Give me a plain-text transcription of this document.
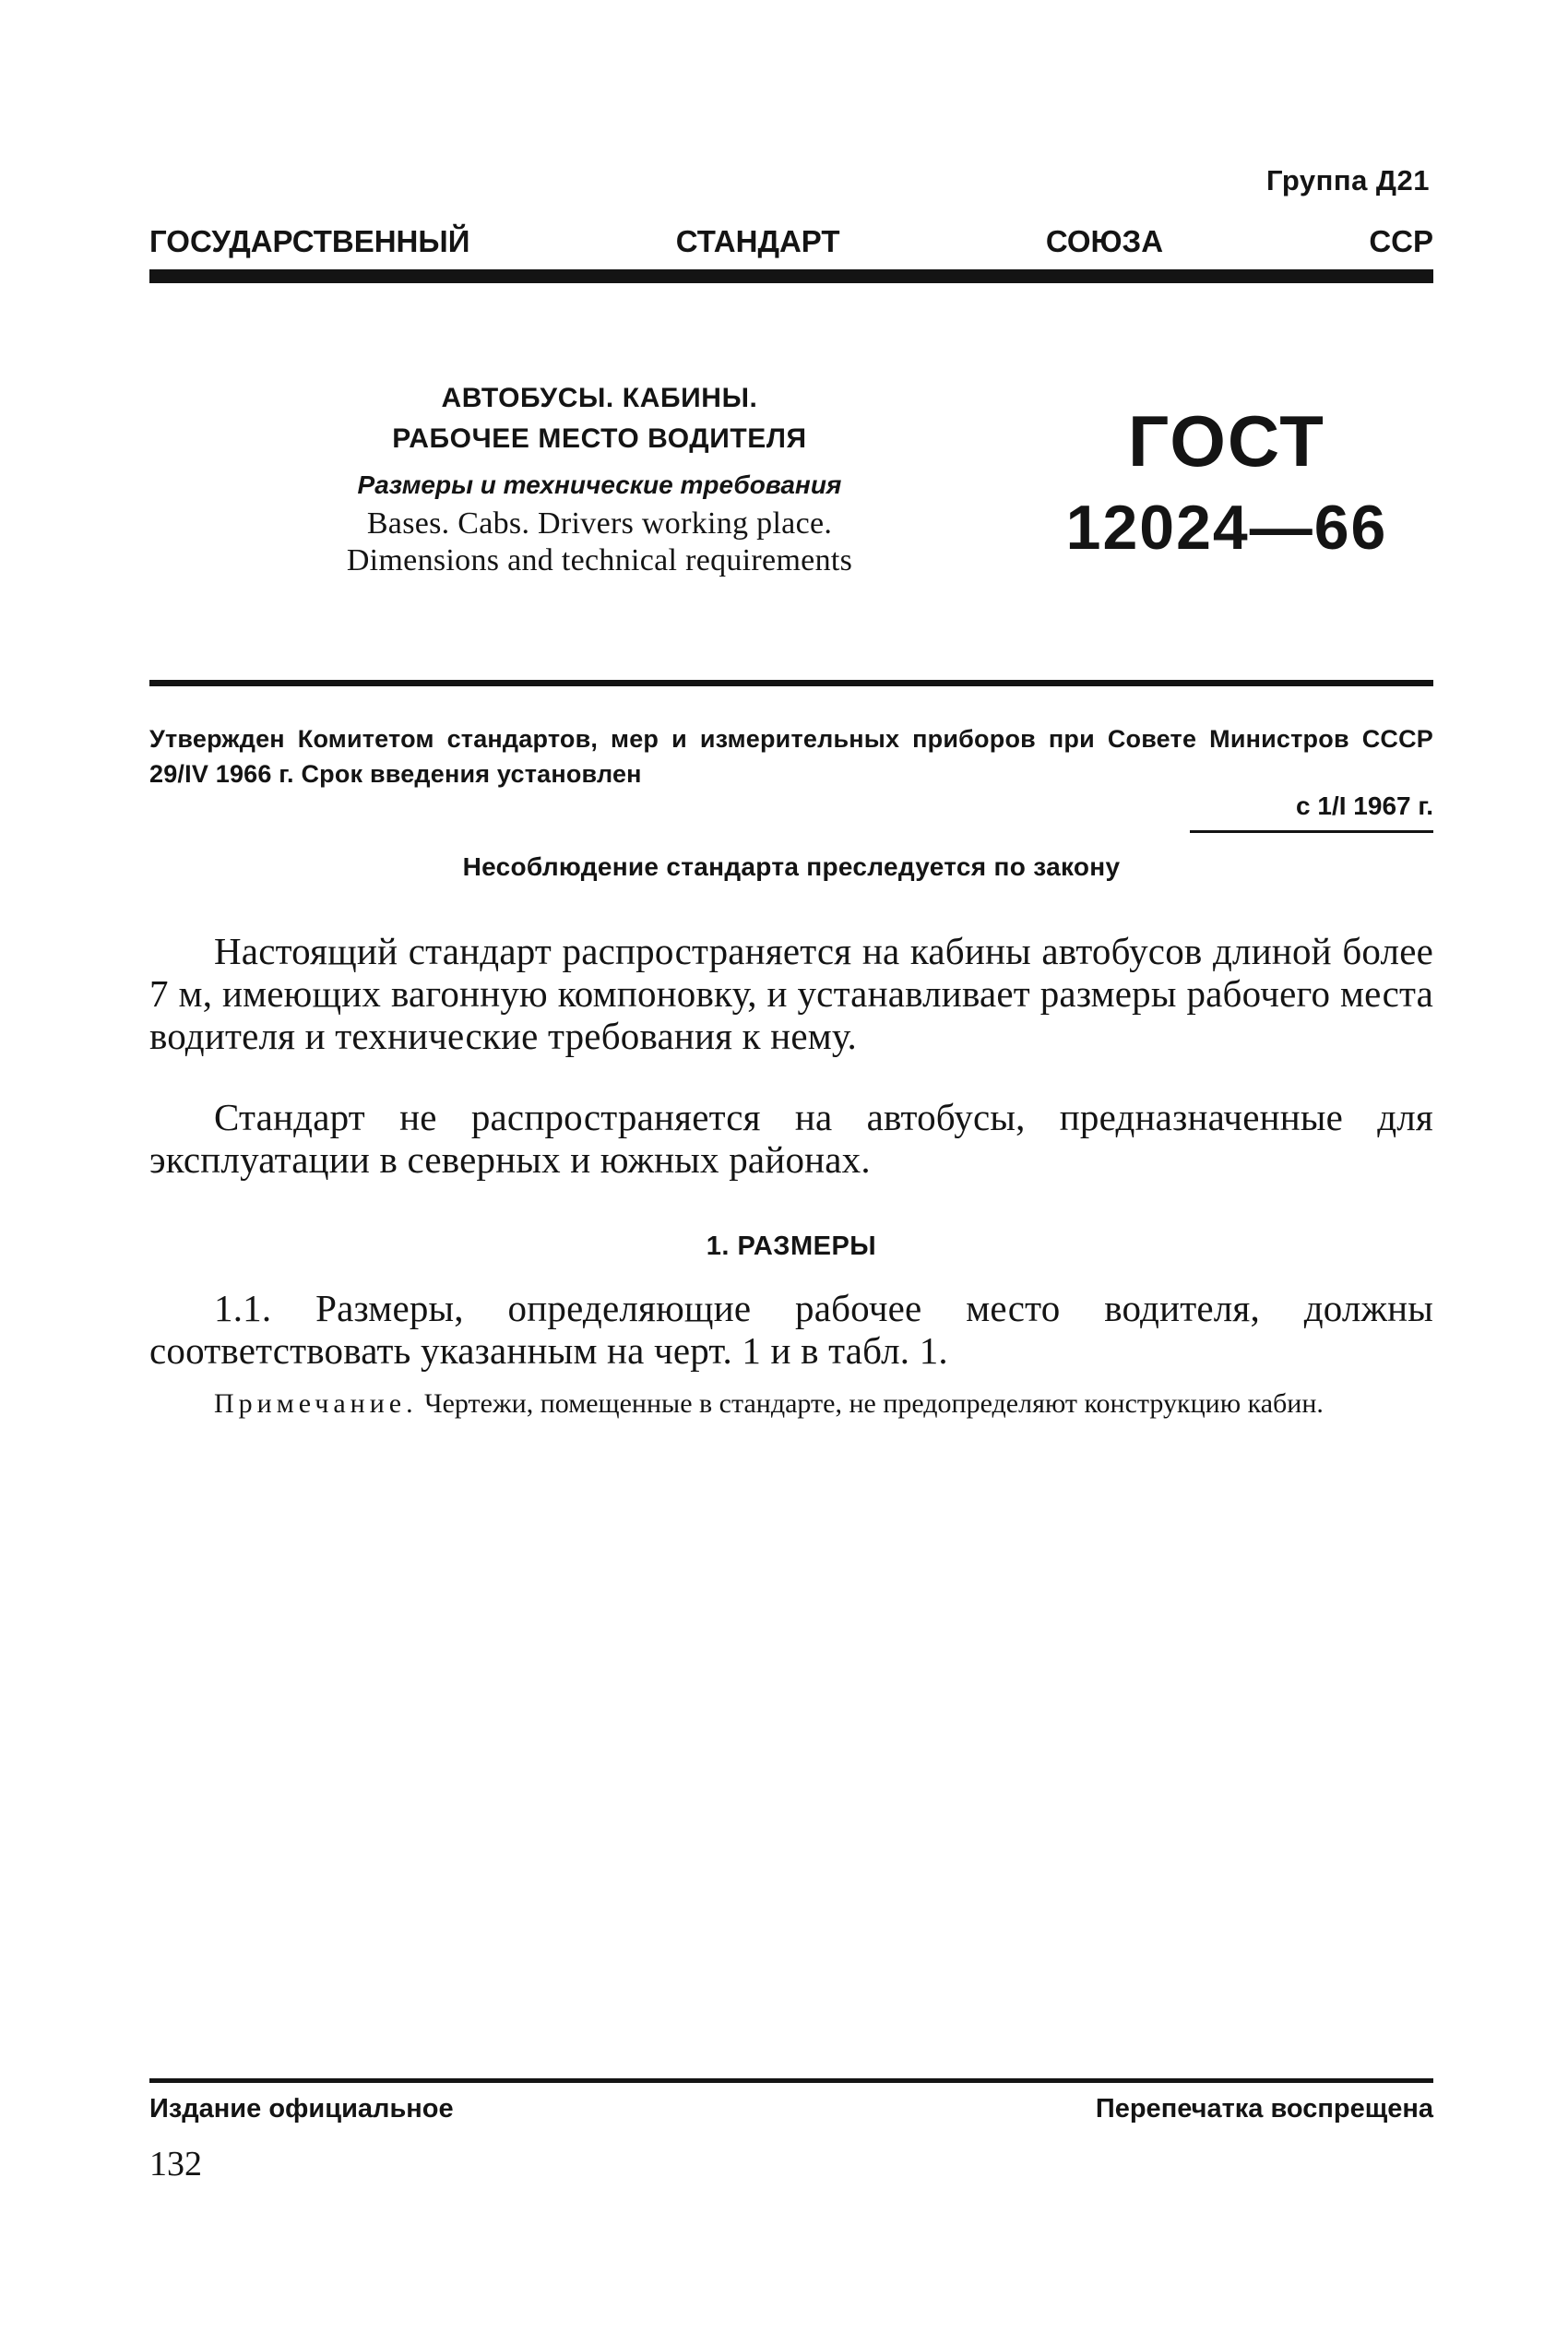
Группа Д21
ГОСУДАРСТВЕННЫЙ	СТАНДАРТ	СОЮЗА	ССР
АВТОБУСЫ. КАБИНЫ.
РАБОЧЕЕ МЕСТО ВОДИТЕЛЯ
Размеры и технические требования
Bases. Cabs. Drivers working place.
Dimensions and technical requirements
ГОСТ
12024—66
Утвержден Комитетом стандартов, мер и измерительных приборов при Совете Министров СССР 29/IV 1966 г. Срок введения установлен
с 1/I 1967 г.
Несоблюдение стандарта преследуется по закону
Настоящий стандарт распространяется на кабины автобусов длиной более 7 м, имеющих вагонную компоновку, и устанавливает размеры рабочего места водителя и технические требования к нему.
Стандарт не распространяется на автобусы, предназначенные для эксплуатации в северных и южных районах.
1. РАЗМЕРЫ
1.1. Размеры, определяющие рабочее место водителя, должны соответствовать указанным на черт. 1 и в табл. 1.
Примечание. Чертежи, помещенные в стандарте, не предопределяют конструкцию кабин.
Издание официальное	Перепечатка воспрещена
132
